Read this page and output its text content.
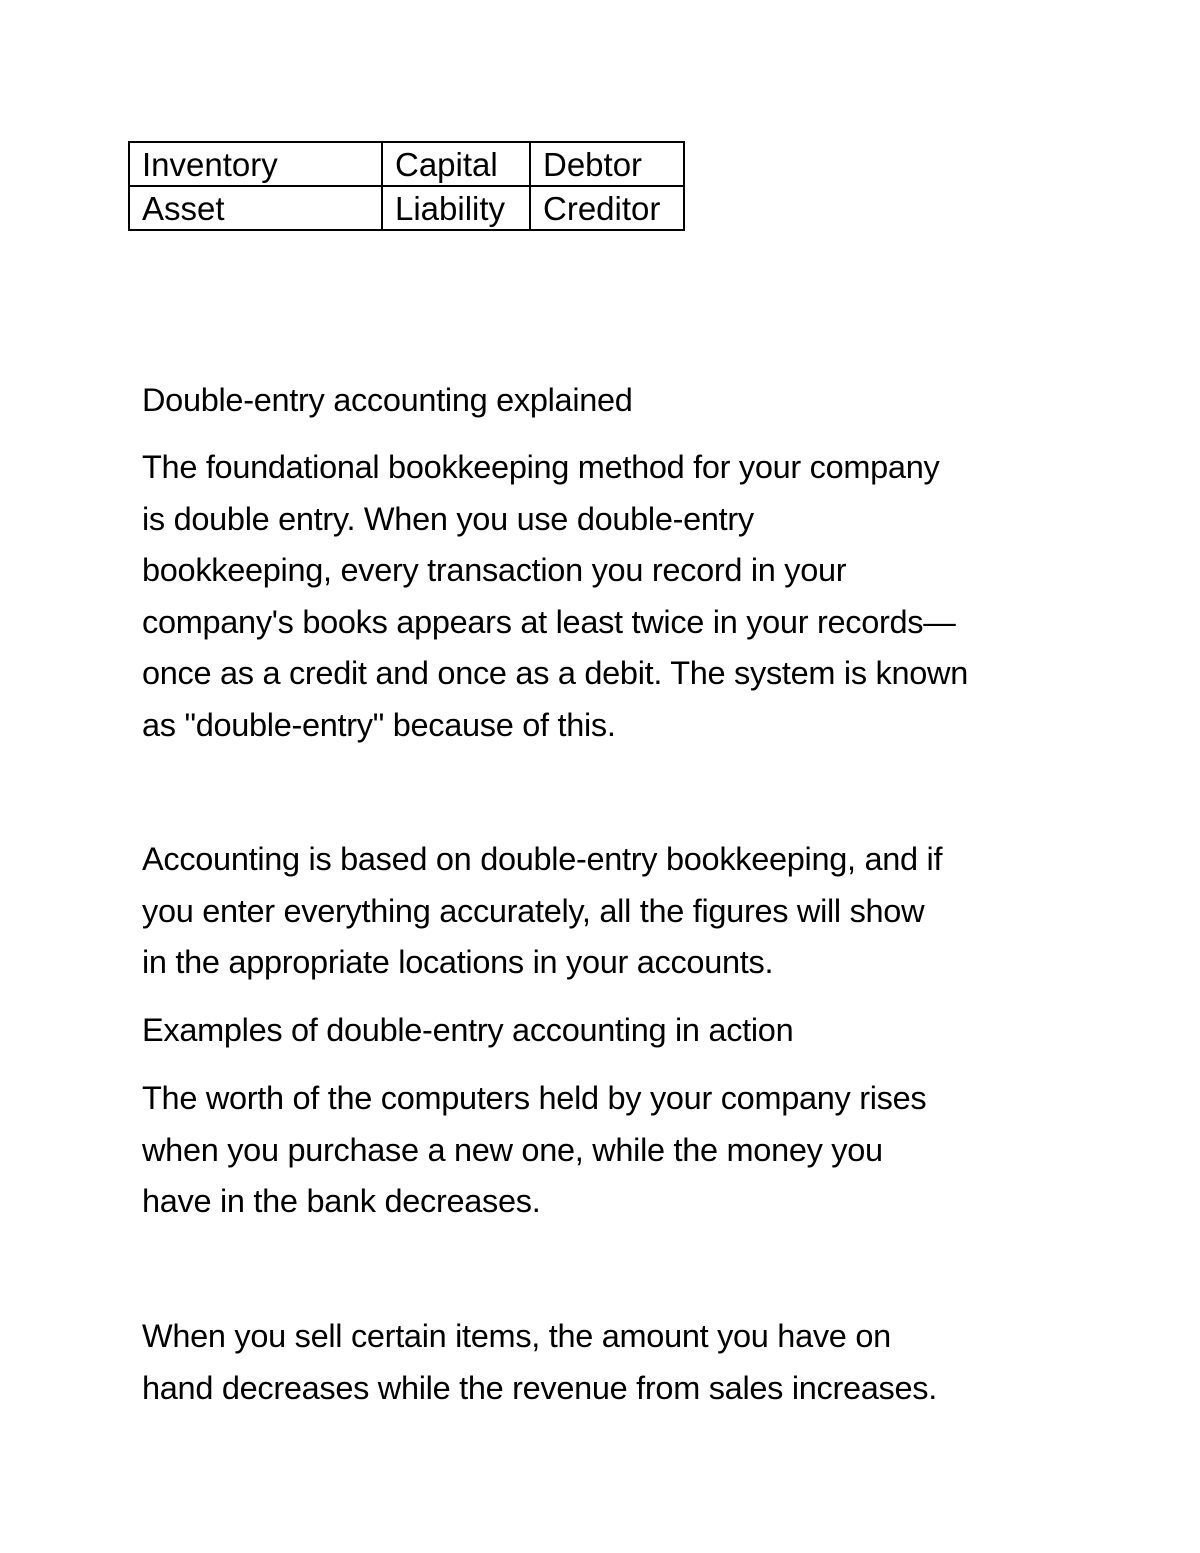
Inventory	Capital	Debtor
Asset	Liability	Creditor

Double-entry accounting explained

The foundational bookkeeping method for your company
is double entry. When you use double-entry
bookkeeping, every transaction you record in your
company's books appears at least twice in your records—
once as a credit and once as a debit. The system is known
as "double-entry" because of this.

Accounting is based on double-entry bookkeeping, and if
you enter everything accurately, all the figures will show
in the appropriate locations in your accounts.

Examples of double-entry accounting in action

The worth of the computers held by your company rises
when you purchase a new one, while the money you
have in the bank decreases.

When you sell certain items, the amount you have on
hand decreases while the revenue from sales increases.
